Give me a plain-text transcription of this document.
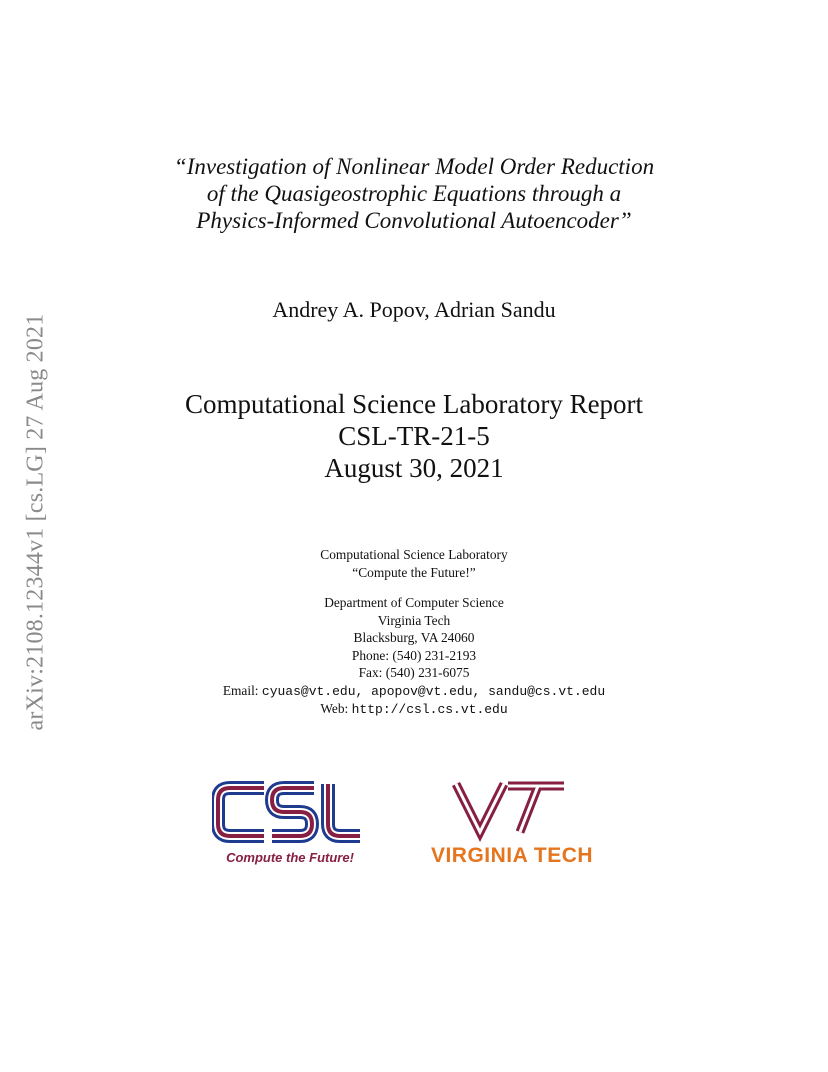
arXiv:2108.12344v1 [cs.LG] 27 Aug 2021
“Investigation of Nonlinear Model Order Reduction
of the Quasigeostrophic Equations through a
Physics-Informed Convolutional Autoencoder”
Andrey A. Popov, Adrian Sandu
Computational Science Laboratory Report
CSL-TR-21-5
August 30, 2021
Computational Science Laboratory
“Compute the Future!”
Department of Computer Science
Virginia Tech
Blacksburg, VA 24060
Phone: (540) 231-2193
Fax: (540) 231-6075
Email: cyuas@vt.edu, apopov@vt.edu, sandu@cs.vt.edu
Web: http://csl.cs.vt.edu
Compute the Future!	VIRGINIA TECH
